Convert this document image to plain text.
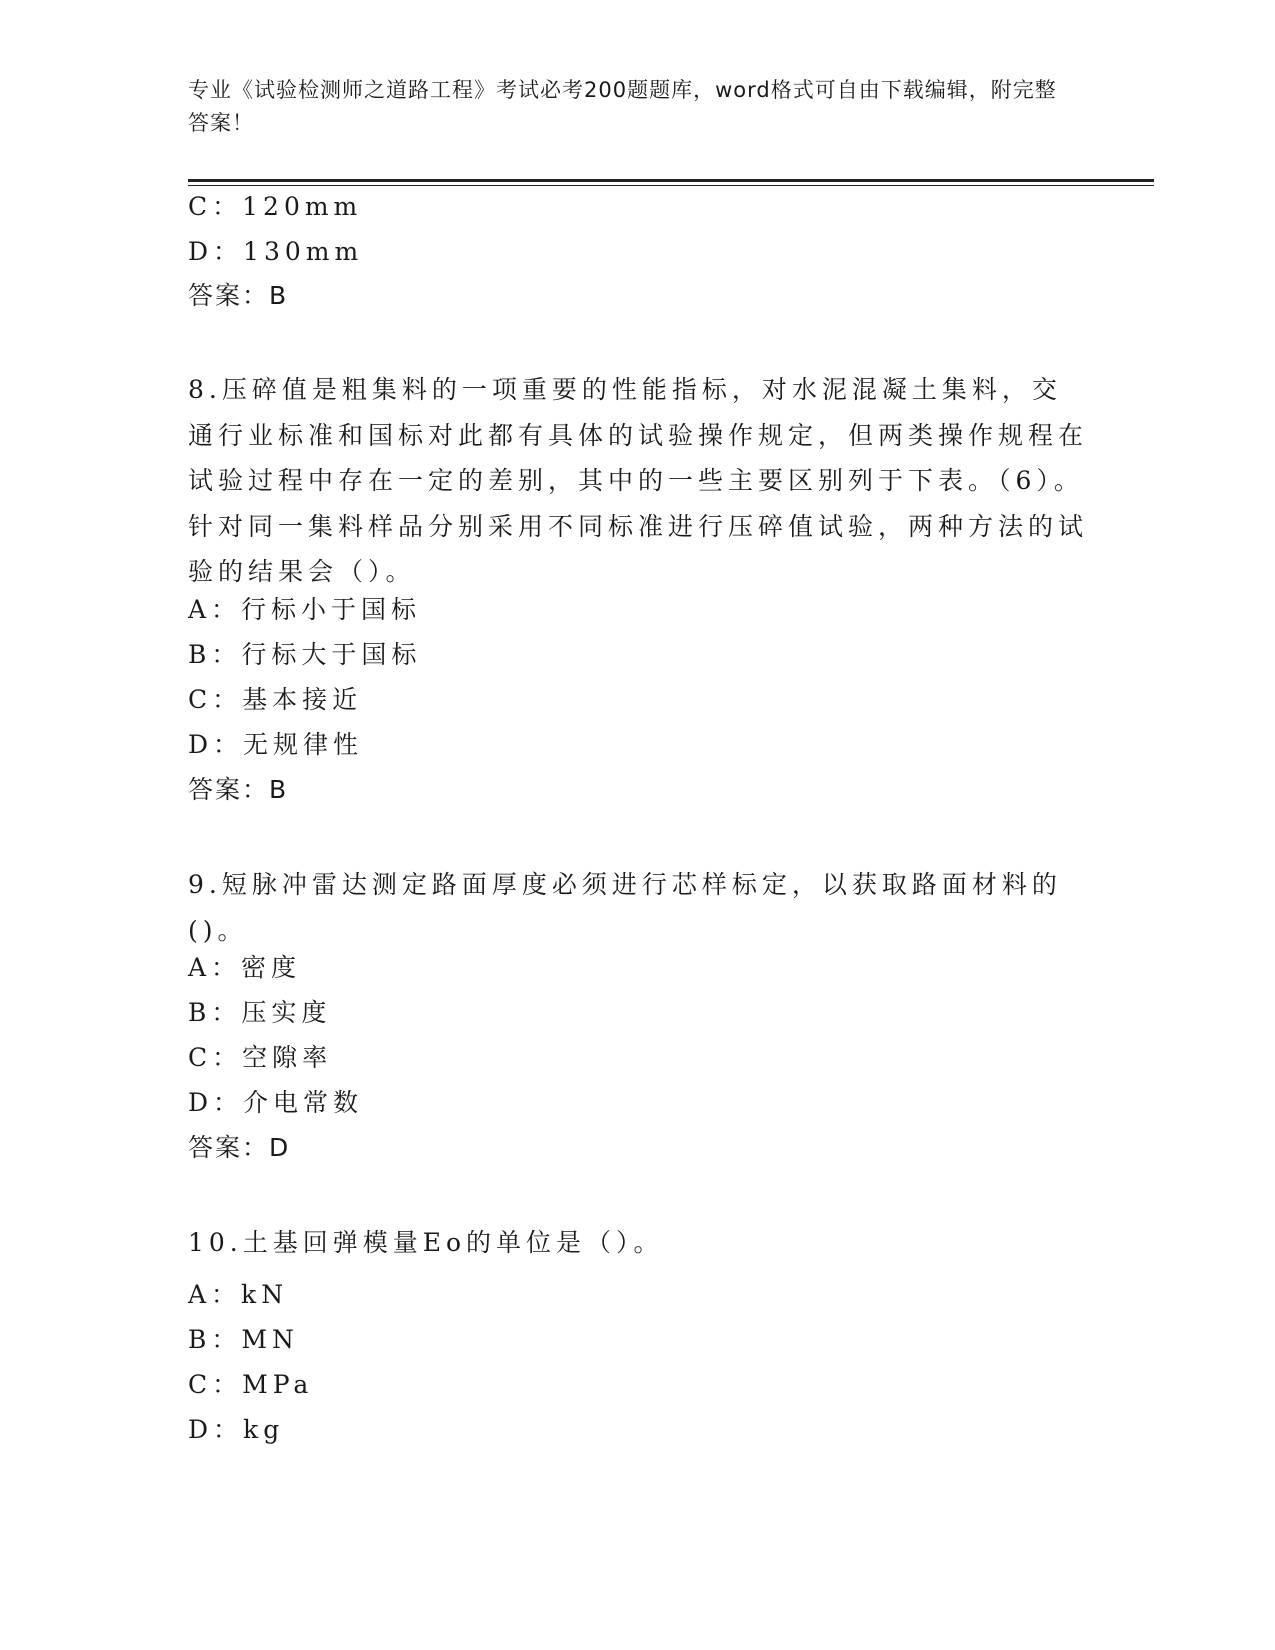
专业《试验检测师之道路工程》考试必考200题题库，word格式可自由下载编辑，附完整答案！
C：120mm
D：130mm
答案：B
8.压碎值是粗集料的一项重要的性能指标，对水泥混凝土集料，交通行业标准和国标对此都有具体的试验操作规定，但两类操作规程在试验过程中存在一定的差别，其中的一些主要区别列于下表。（6）。针对同一集料样品分别采用不同标准进行压碎值试验，两种方法的试验的结果会（）。
A：行标小于国标
B：行标大于国标
C：基本接近
D：无规律性
答案：B
9.短脉冲雷达测定路面厚度必须进行芯样标定，以获取路面材料的()。
A：密度
B：压实度
C：空隙率
D：介电常数
答案：D
10.土基回弹模量Eo的单位是（）。
A：kN
B：MN
C：MPa
D：kg
